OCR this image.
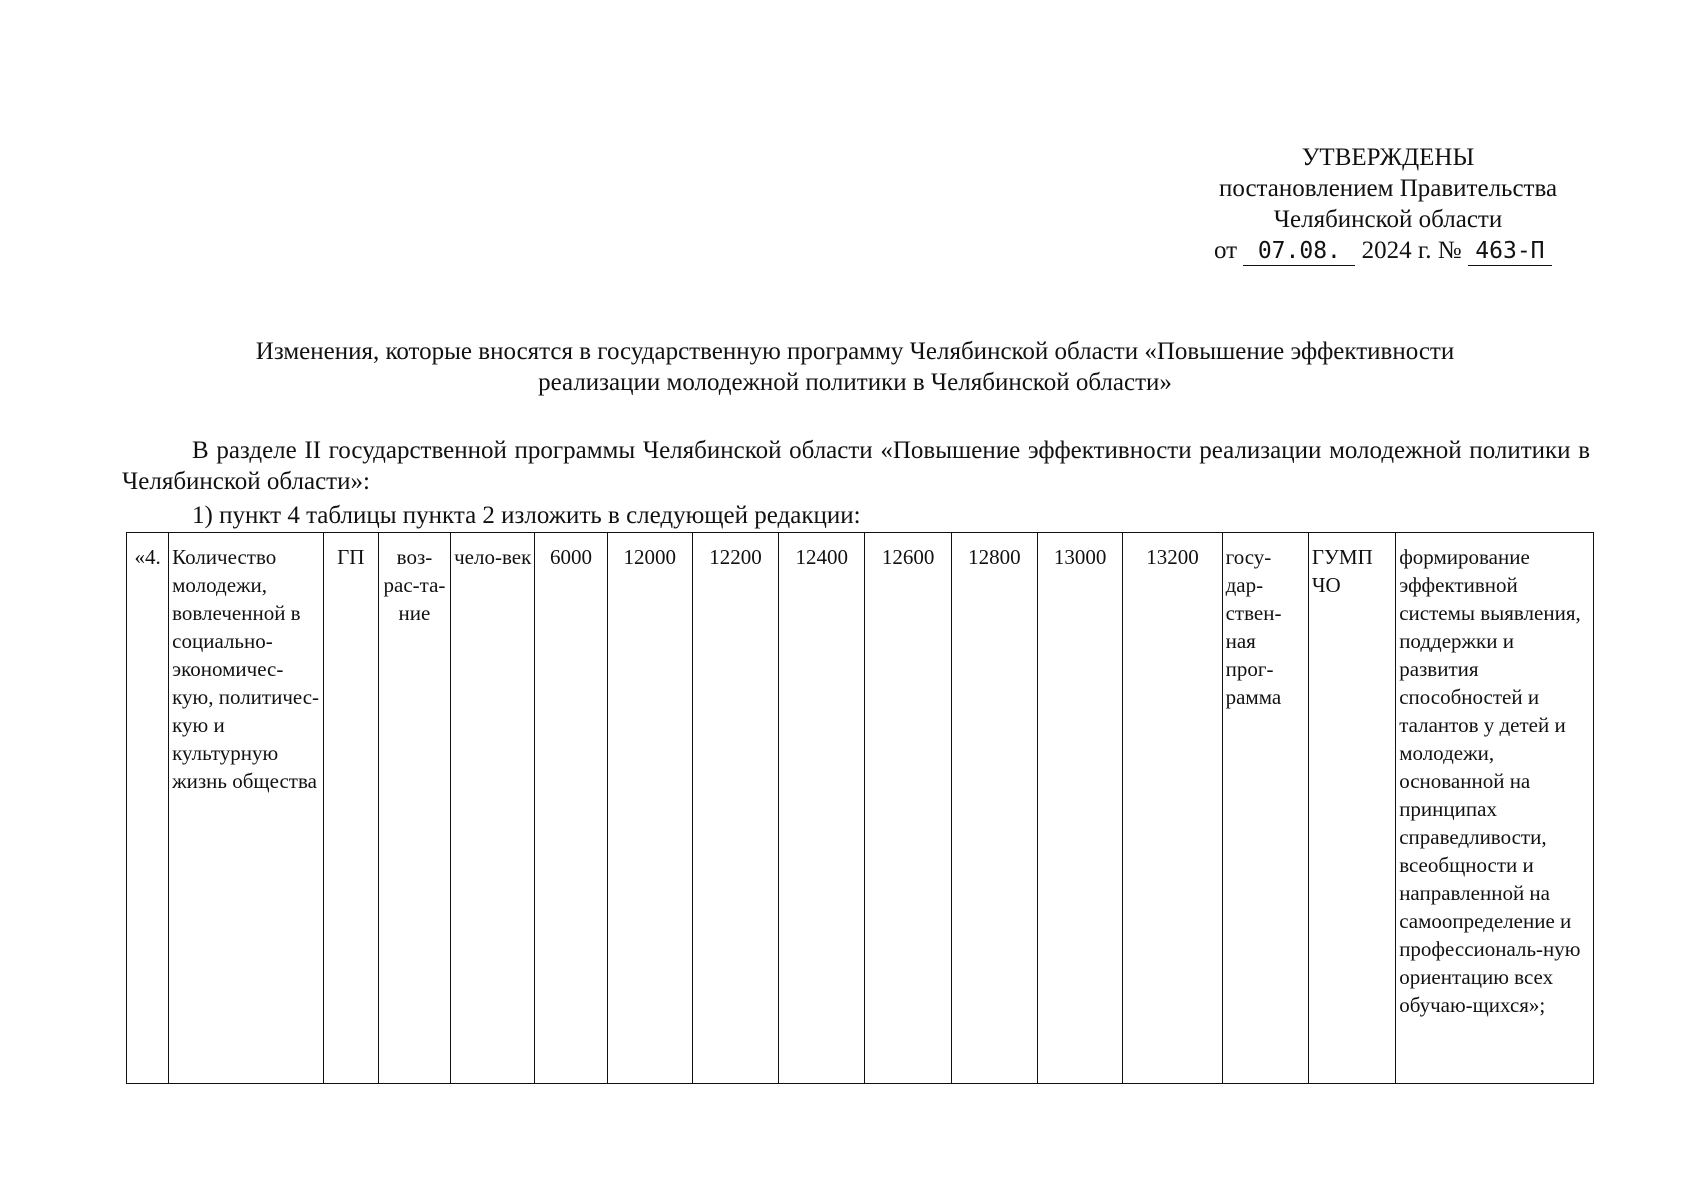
УТВЕРЖДЕНЫ
постановлением Правительства
Челябинской области
от 07.08. 2024 г. № 463-П
Изменения, которые вносятся в государственную программу Челябинской области «Повышение эффективности
реализации молодежной политики в Челябинской области»

В разделе II государственной программы Челябинской области «Повышение эффективности реализации молодежной политики в Челябинской области»:

1) пункт 4 таблицы пункта 2 изложить в следующей редакции:
«4.	Количество молодежи, вовлеченной в социально-экономичес-кую, политичес-кую и культурную жизнь общества	ГП	воз-рас-та-ние	чело-век	6000	12000	12200	12400	12600	12800	13000	13200	госу-дар-ствен-ная прог-рамма	ГУМП ЧО	формирование эффективной системы выявления, поддержки и развития способностей и талантов у детей и молодежи, основанной на принципах справедливости, всеобщности и направленной на самоопределение и профессиональ-ную ориентацию всех обучаю-щихся»;
